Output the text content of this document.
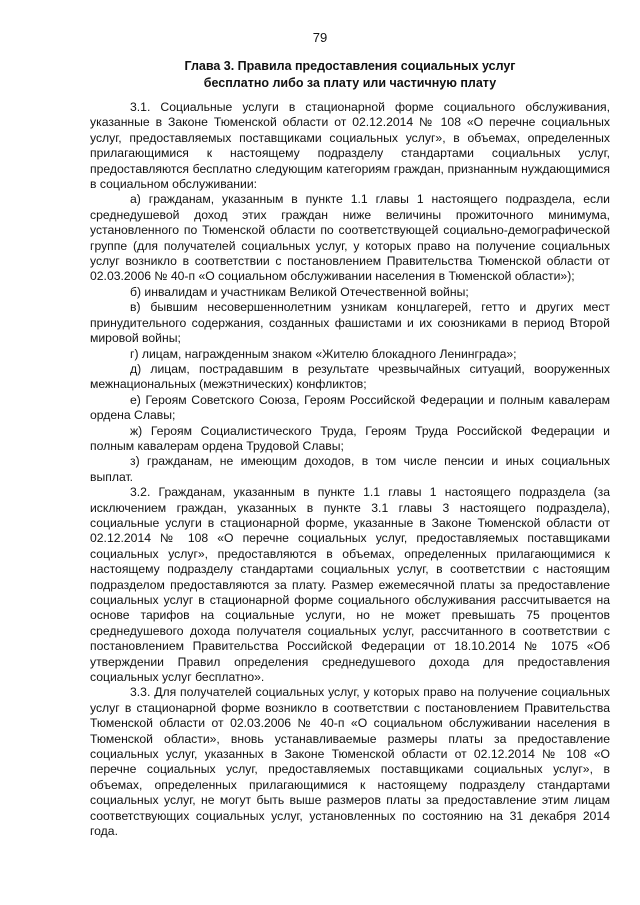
79
Глава 3. Правила предоставления социальных услуг
бесплатно либо за плату или частичную плату

3.1. Социальные услуги в стационарной форме социального обслуживания, указанные в Законе Тюменской области от 02.12.2014 № 108 «О перечне социальных услуг, предоставляемых поставщиками социальных услуг», в объемах, определенных прилагающимися к настоящему подразделу стандартами социальных услуг, предоставляются бесплатно следующим категориям граждан, признанным нуждающимися в социальном обслуживании:

а) гражданам, указанным в пункте 1.1 главы 1 настоящего подраздела, если среднедушевой доход этих граждан ниже величины прожиточного минимума, установленного по Тюменской области по соответствующей социально-демографической группе (для получателей социальных услуг, у которых право на получение социальных услуг возникло в соответствии с постановлением Правительства Тюменской области от 02.03.2006 № 40-п «О социальном обслуживании населения в Тюменской области»);

б) инвалидам и участникам Великой Отечественной войны;

в) бывшим несовершеннолетним узникам концлагерей, гетто и других мест принудительного содержания, созданных фашистами и их союзниками в период Второй мировой войны;

г) лицам, награжденным знаком «Жителю блокадного Ленинграда»;

д) лицам, пострадавшим в результате чрезвычайных ситуаций, вооруженных межнациональных (межэтнических) конфликтов;

е) Героям Советского Союза, Героям Российской Федерации и полным кавалерам ордена Славы;

ж) Героям Социалистического Труда, Героям Труда Российской Федерации и полным кавалерам ордена Трудовой Славы;

з) гражданам, не имеющим доходов, в том числе пенсии и иных социальных выплат.

3.2. Гражданам, указанным в пункте 1.1 главы 1 настоящего подраздела (за исключением граждан, указанных в пункте 3.1 главы 3 настоящего подраздела), социальные услуги в стационарной форме, указанные в Законе Тюменской области от 02.12.2014 № 108 «О перечне социальных услуг, предоставляемых поставщиками социальных услуг», предоставляются в объемах, определенных прилагающимися к настоящему подразделу стандартами социальных услуг, в соответствии с настоящим подразделом предоставляются за плату. Размер ежемесячной платы за предоставление социальных услуг в стационарной форме социального обслуживания рассчитывается на основе тарифов на социальные услуги, но не может превышать 75 процентов среднедушевого дохода получателя социальных услуг, рассчитанного в соответствии с постановлением Правительства Российской Федерации от 18.10.2014 № 1075 «Об утверждении Правил определения среднедушевого дохода для предоставления социальных услуг бесплатно».

3.3. Для получателей социальных услуг, у которых право на получение социальных услуг в стационарной форме возникло в соответствии с постановлением Правительства Тюменской области от 02.03.2006 № 40-п «О социальном обслуживании населения в Тюменской области», вновь устанавливаемые размеры платы за предоставление социальных услуг, указанных в Законе Тюменской области от 02.12.2014 № 108 «О перечне социальных услуг, предоставляемых поставщиками социальных услуг», в объемах, определенных прилагающимися к настоящему подразделу стандартами социальных услуг, не могут быть выше размеров платы за предоставление этим лицам соответствующих социальных услуг, установленных по состоянию на 31 декабря 2014 года.
